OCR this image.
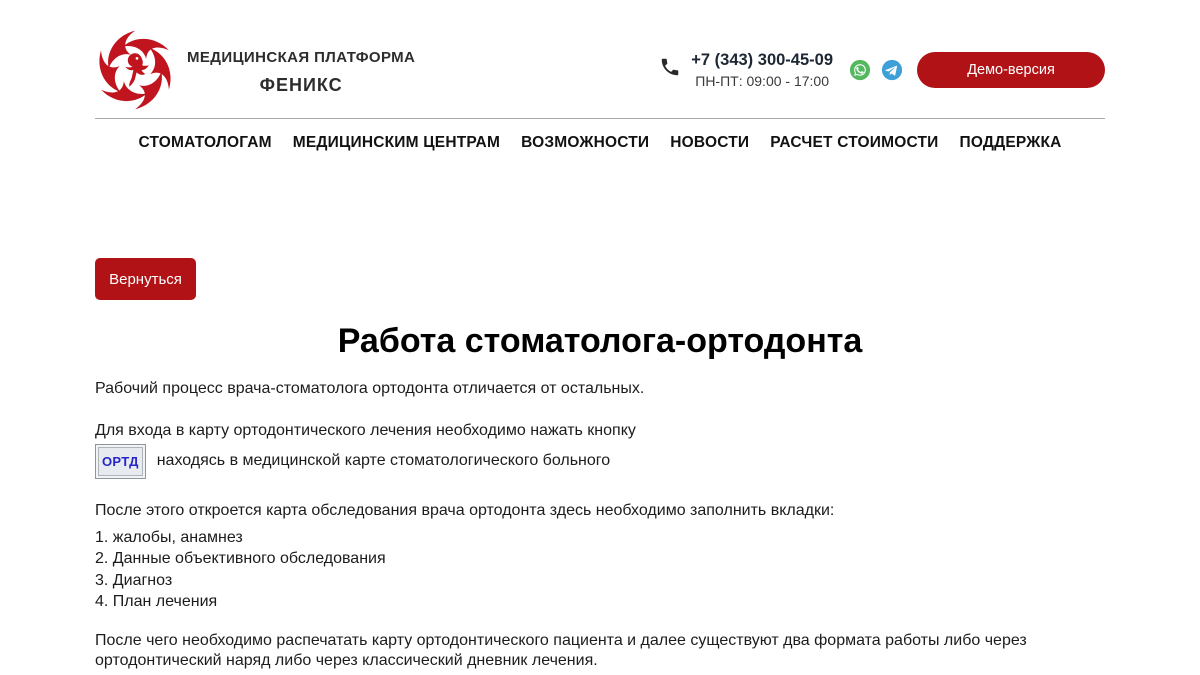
МЕДИЦИНСКАЯ ПЛАТФОРМА
ФЕНИКС
+7 (343) 300-45-09
ПН-ПТ: 09:00 - 17:00
Демо-версия
СТОМАТОЛОГАМ МЕДИЦИНСКИМ ЦЕНТРАМ ВОЗМОЖНОСТИ НОВОСТИ РАСЧЕТ СТОИМОСТИ ПОДДЕРЖКА
Вернуться
Работа стоматолога-ортодонта

Рабочий процесс врача-стоматолога ортодонта отличается от остальных.

Для входа в карту ортодонтического лечения необходимо нажать кнопку

ОРТД находясь в медицинской карте стоматологического больного

После этого откроется карта обследования врача ортодонта здесь необходимо заполнить вкладки:

1. жалобы, анамнез
2. Данные объективного обследования
3. Диагноз
4. План лечения

После чего необходимо распечатать карту ортодонтического пациента и далее существуют два формата работы либо через ортодонтический наряд либо через классический дневник лечения.
